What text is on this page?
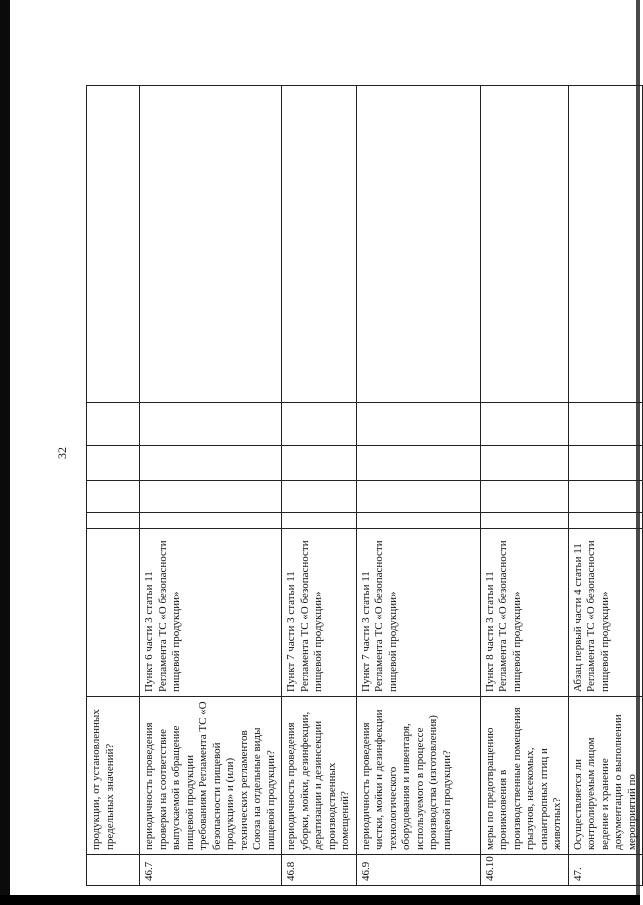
32
	продукции, от установленных предельных значений?						
46.7	периодичность проведения проверки на соответствие выпускаемой в обращение пищевой продукции требованиям Регламента ТС «О безопасности пищевой продукции» и (или) технических регламентов Союза на отдельные виды пищевой продукции?	Пункт 6 части 3 статьи 11 Регламента ТС «О безопасности пищевой продукции»					
46.8	периодичность проведения уборки, мойки, дезинфекции, дератизации и дезинсекции производственных помещений?	Пункт 7 части 3 статьи 11 Регламента ТС «О безопасности пищевой продукции»					
46.9	периодичность проведения чистки, мойки и дезинфекции технологического оборудования и инвентаря, используемого в процессе производства (изготовления) пищевой продукции?	Пункт 7 части 3 статьи 11 Регламента ТС «О безопасности пищевой продукции»					
46.10	меры по предотвращению проникновения в производственные помещения грызунов, насекомых, синантропных птиц и животных?	Пункт 8 части 3 статьи 11 Регламента ТС «О безопасности пищевой продукции»					
47.	Осуществляется ли контролируемым лицом ведение и хранение документации о выполнении мероприятий по	Абзац первый части 4 статьи 11 Регламента ТС «О безопасности пищевой продукции»					
